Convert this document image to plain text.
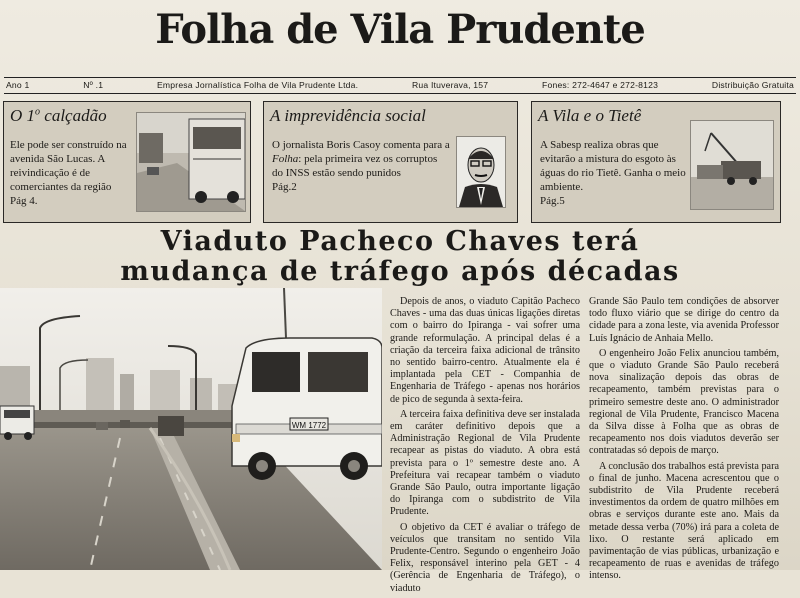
Folha de Vila Prudente
Ano 1	Nº .1	Empresa Jornalística Folha de Vila Prudente Ltda.	Rua Ituverava, 157	Fones: 272-4647 e 272-8123	Distribuição Gratuita
O 1$^o$ calçadão
Ele pode ser construído na avenida São Lucas. A reivindicação é de comerciantes da região
Pág 4.
A imprevidência social
O jornalista Boris Casoy comenta para a Folha: pela primeira vez os corruptos do INSS estão sendo punidos
Pág.2
A Vila e o Tietê
A Sabesp realiza obras que evitarão a mistura do esgoto às águas do rio Tietê. Ganha o meio ambiente.
Pág.5
Viaduto Pacheco Chaves terá
mudança de tráfego após décadas
WM 1772

Depois de anos, o viaduto Capitão Pacheco Chaves - uma das duas únicas ligações diretas com o bairro do Ipiranga - vai sofrer uma grande reformulação. A principal delas é a criação da terceira faixa adicional de trânsito no sentido bairro-centro. Atualmente ela é implantada pela CET - Companhia de Engenharia de Tráfego - apenas nos horários de pico de segunda à sexta-feira.

A terceira faixa definitiva deve ser instalada em caráter definitivo depois que a Administração Regional de Vila Prudente recapear as pistas do viaduto. A obra está prevista para o 1º semestre deste ano. A Prefeitura vai recapear também o viaduto Grande São Paulo, outra importante ligação do Ipiranga com o subdistrito de Vila Prudente.

O objetivo da CET é avaliar o tráfego de veículos que transitam no sentido Vila Prudente-Centro. Segundo o engenheiro João Felix, responsável interino pela GET - 4 (Gerência de Engenharia de Tráfego), o viaduto

Grande São Paulo tem condições de absorver todo fluxo viário que se dirige do centro da cidade para a zona leste, via avenida Professor Luís Ignácio de Anhaia Mello.

O engenheiro João Felix anunciou também, que o viaduto Grande São Paulo receberá nova sinalização depois das obras de recapeamento, também previstas para o primeiro semestre deste ano. O administrador regional de Vila Prudente, Francisco Macena da Silva disse à Folha que as obras de recapeamento nos dois viadutos deverão ser contratadas só depois de março.

A conclusão dos trabalhos está prevista para o final de junho. Macena acrescentou que o subdistrito de Vila Prudente receberá investimentos da ordem de quatro milhões em obras e serviços durante este ano. Mais da metade dessa verba (70%) irá para a coleta de lixo. O restante será aplicado em pavimentação de vias públicas, urbanização e recapeamento de ruas e avenidas de tráfego intenso.
